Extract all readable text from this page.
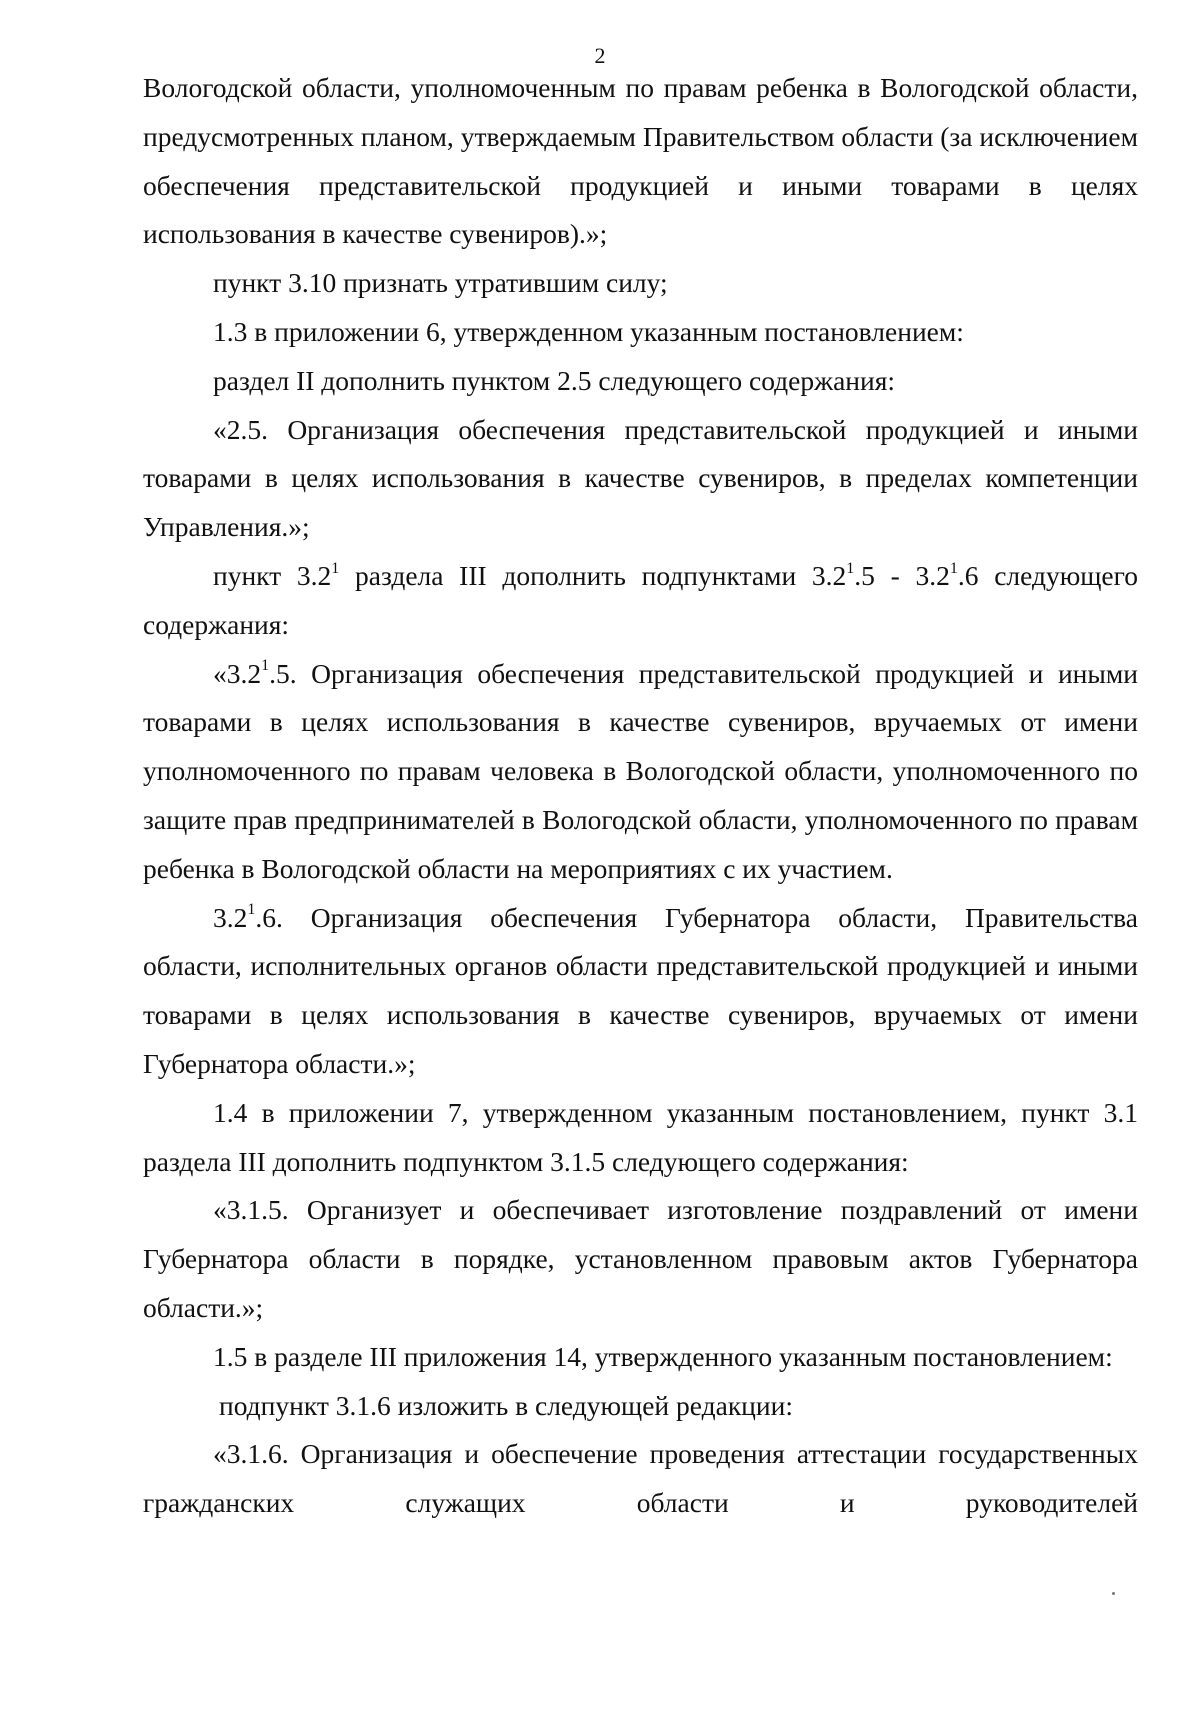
2

Вологодской области, уполномоченным по правам ребенка в Вологодской области, предусмотренных планом, утверждаемым Правительством области (за исключением обеспечения представительской продукцией и иными товарами в целях использования в качестве сувениров).»;

пункт 3.10 признать утратившим силу;

1.3 в приложении 6, утвержденном указанным постановлением:

раздел II дополнить пунктом 2.5 следующего содержания:

«2.5. Организация обеспечения представительской продукцией и иными товарами в целях использования в качестве сувениров, в пределах компетенции Управления.»;

пункт $3.2^1$ раздела III дополнить подпунктами $3.2^1.5 - 3.2^1.6$ следующего содержания:

«$3.2^1.5$. Организация обеспечения представительской продукцией и иными товарами в целях использования в качестве сувениров, вручаемых от имени уполномоченного по правам человека в Вологодской области, уполномоченного по защите прав предпринимателей в Вологодской области, уполномоченного по правам ребенка в Вологодской области на мероприятиях с их участием.

$3.2^1.6$. Организация обеспечения Губернатора области, Правительства области, исполнительных органов области представительской продукцией и иными товарами в целях использования в качестве сувениров, вручаемых от имени Губернатора области.»;

1.4 в приложении 7, утвержденном указанным постановлением, пункт 3.1 раздела III дополнить подпунктом 3.1.5 следующего содержания:

«3.1.5. Организует и обеспечивает изготовление поздравлений от имени Губернатора области в порядке, установленном правовым актов Губернатора области.»;

1.5 в разделе III приложения 14, утвержденного указанным постановлением:

подпункт 3.1.6 изложить в следующей редакции:

«3.1.6. Организация и обеспечение проведения аттестации государственных гражданских служащих области и руководителей
